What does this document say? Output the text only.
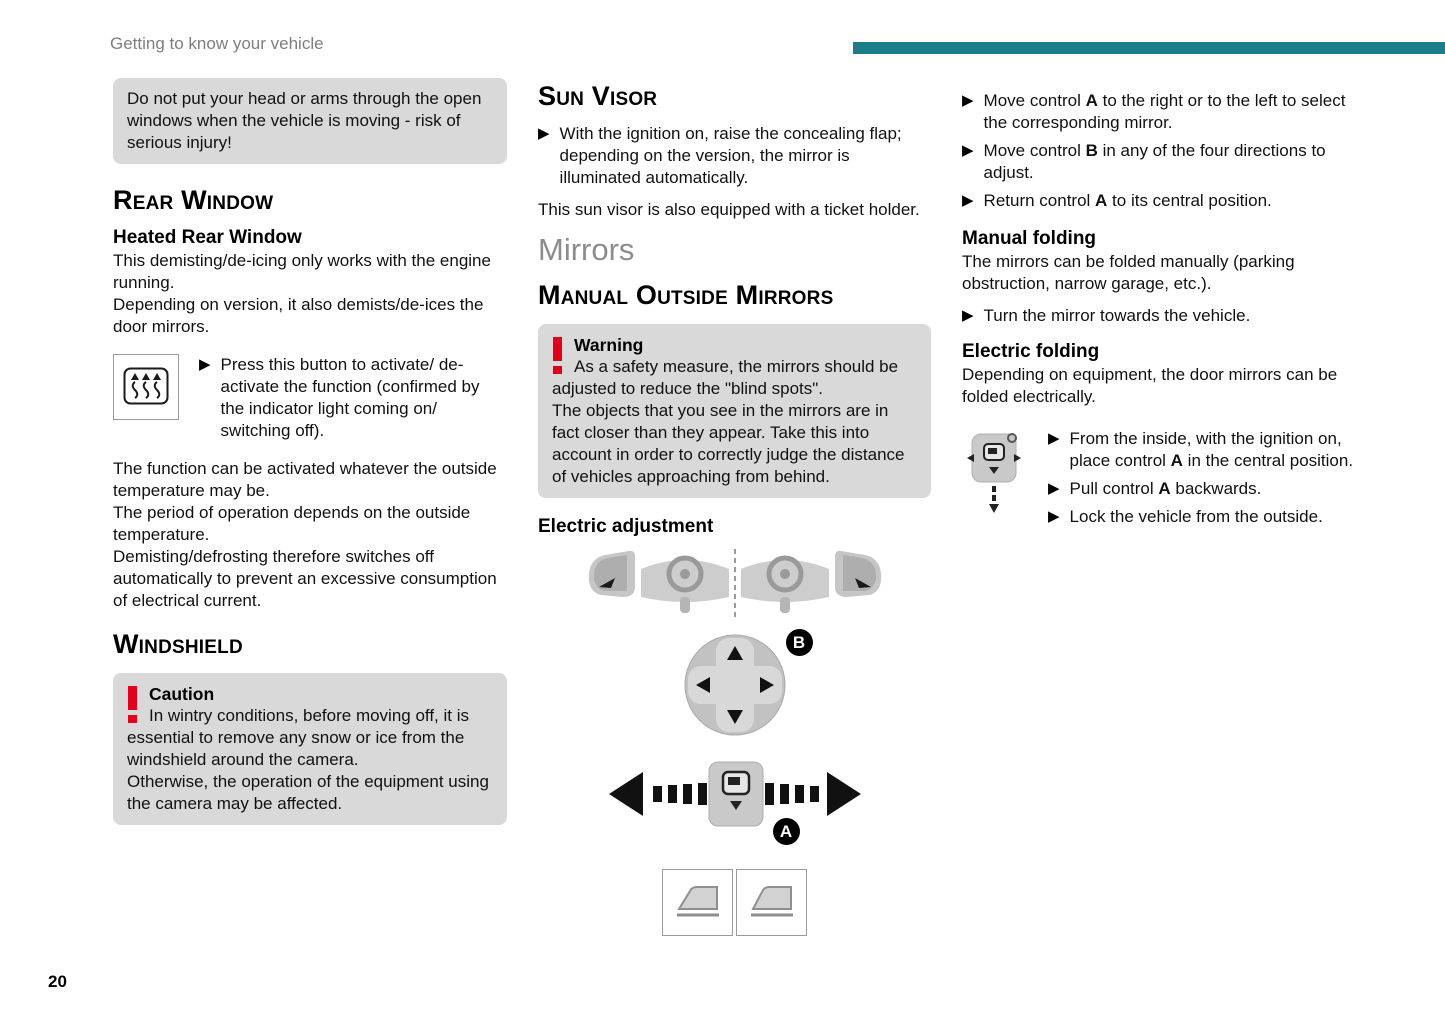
Getting to know your vehicle

Do not put your head or arms through the open windows when the vehicle is moving - risk of serious injury!

Rear Window
Heated Rear Window

This demisting/de-icing only works with the engine running.

Depending on version, it also demists/de-ices the door mirrors.

▶ Press this button to activate/ de-activate the function (confirmed by the indicator light coming on/ switching off).

The function can be activated whatever the outside temperature may be.

The period of operation depends on the outside temperature.

Demisting/defrosting therefore switches off automatically to prevent an excessive consumption of electrical current.

Windshield
Caution

In wintry conditions, before moving off, it is essential to remove any snow or ice from the windshield around the camera.

Otherwise, the operation of the equipment using the camera may be affected.

Sun Visor
▶ With the ignition on, raise the concealing flap; depending on the version, the mirror is illuminated automatically.

This sun visor is also equipped with a ticket holder.

Mirrors
Manual Outside Mirrors
Warning

As a safety measure, the mirrors should be adjusted to reduce the "blind spots".

The objects that you see in the mirrors are in fact closer than they appear. Take this into account in order to correctly judge the distance of vehicles approaching from behind.

Electric adjustment
B
A
▶ Move control A to the right or to the left to select the corresponding mirror.
▶ Move control B in any of the four directions to adjust.
▶ Return control A to its central position.
Manual folding

The mirrors can be folded manually (parking obstruction, narrow garage, etc.).

▶ Turn the mirror towards the vehicle.
Electric folding

Depending on equipment, the door mirrors can be folded electrically.

▶ From the inside, with the ignition on, place control A in the central position.
▶ Pull control A backwards.
▶ Lock the vehicle from the outside.
20
